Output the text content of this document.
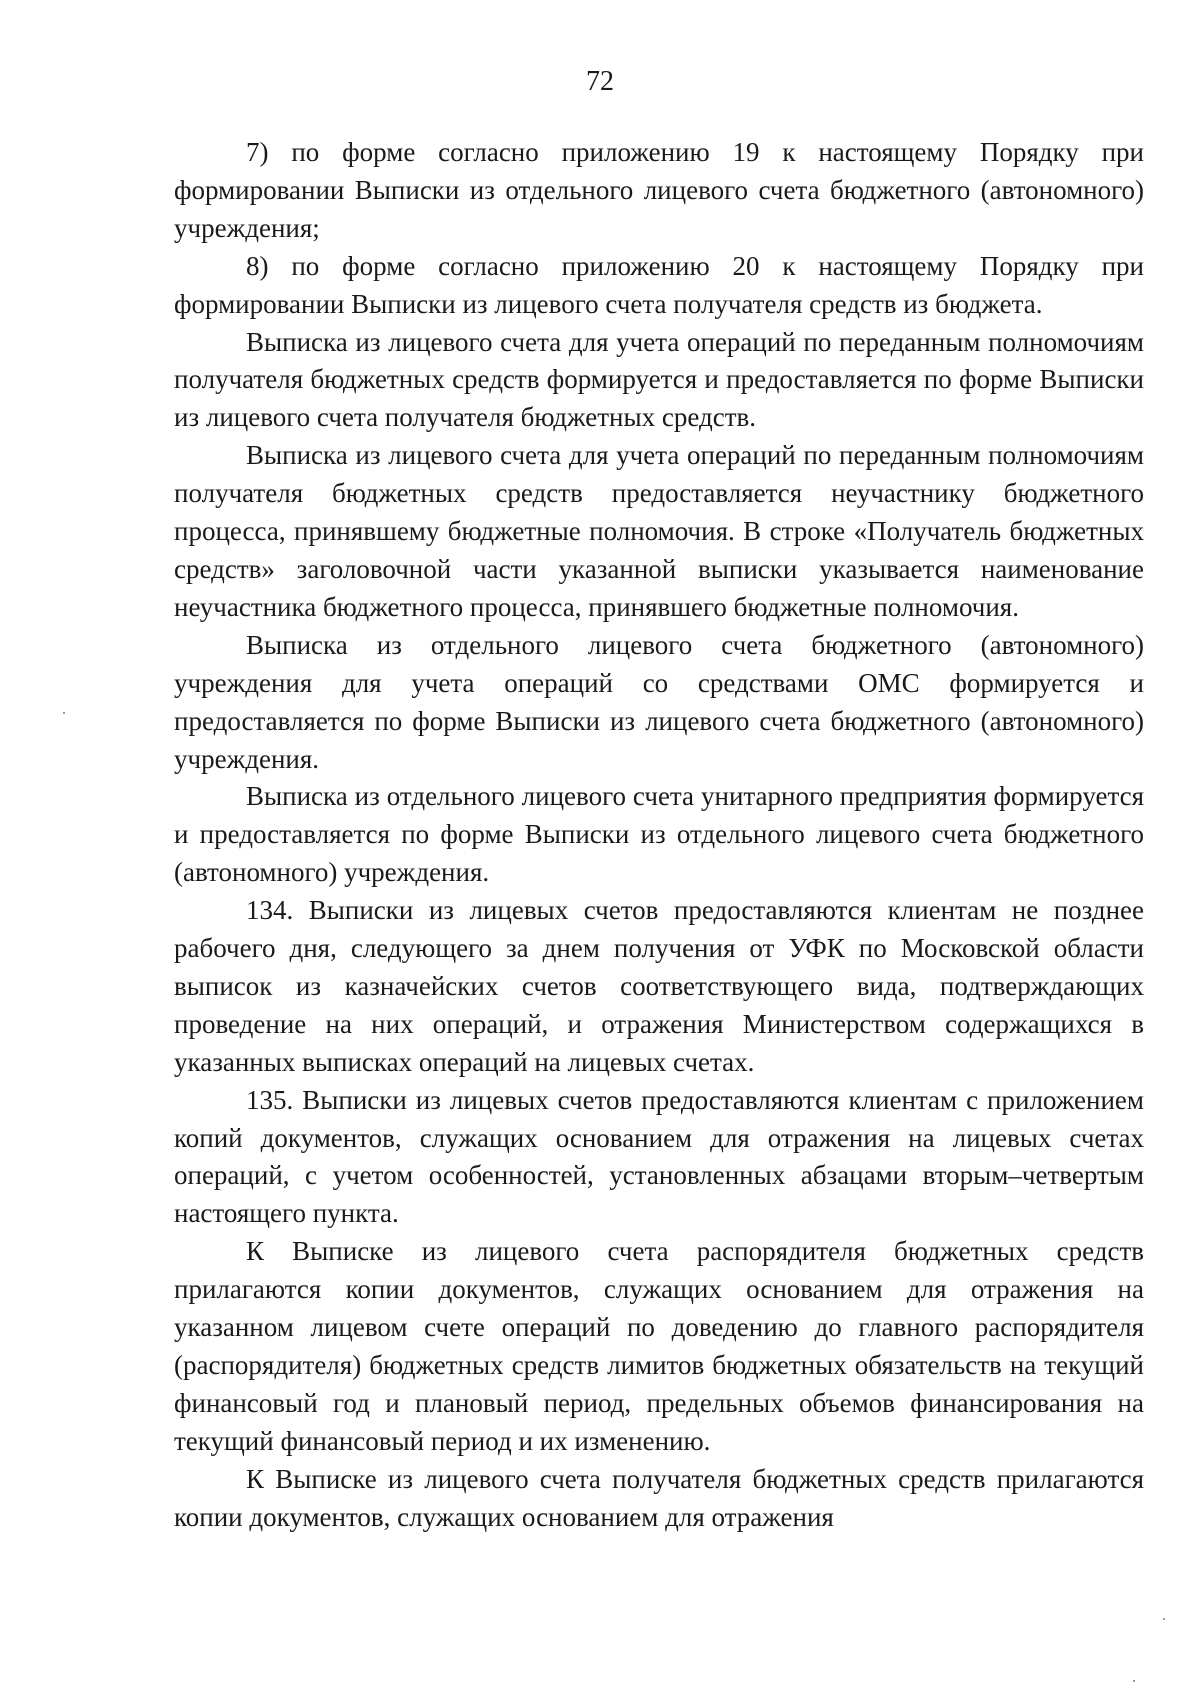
72

7) по форме согласно приложению 19 к настоящему Порядку при формировании Выписки из отдельного лицевого счета бюджетного (автономного) учреждения;

8) по форме согласно приложению 20 к настоящему Порядку при формировании Выписки из лицевого счета получателя средств из бюджета.

Выписка из лицевого счета для учета операций по переданным полномочиям получателя бюджетных средств формируется и предоставляется по форме Выписки из лицевого счета получателя бюджетных средств.

Выписка из лицевого счета для учета операций по переданным полномочиям получателя бюджетных средств предоставляется неучастнику бюджетного процесса, принявшему бюджетные полномочия. В строке «Получатель бюджетных средств» заголовочной части указанной выписки указывается наименование неучастника бюджетного процесса, принявшего бюджетные полномочия.

Выписка из отдельного лицевого счета бюджетного (автономного) учреждения для учета операций со средствами ОМС формируется и предоставляется по форме Выписки из лицевого счета бюджетного (автономного) учреждения.

Выписка из отдельного лицевого счета унитарного предприятия формируется и предоставляется по форме Выписки из отдельного лицевого счета бюджетного (автономного) учреждения.

134. Выписки из лицевых счетов предоставляются клиентам не позднее рабочего дня, следующего за днем получения от УФК по Московской области выписок из казначейских счетов соответствующего вида, подтверждающих проведение на них операций, и отражения Министерством содержащихся в указанных выписках операций на лицевых счетах.

135. Выписки из лицевых счетов предоставляются клиентам с приложением копий документов, служащих основанием для отражения на лицевых счетах операций, с учетом особенностей, установленных абзацами вторым–четвертым настоящего пункта.

К Выписке из лицевого счета распорядителя бюджетных средств прилагаются копии документов, служащих основанием для отражения на указанном лицевом счете операций по доведению до главного распорядителя (распорядителя) бюджетных средств лимитов бюджетных обязательств на текущий финансовый год и плановый период, предельных объемов финансирования на текущий финансовый период и их изменению.

К Выписке из лицевого счета получателя бюджетных средств прилагаются копии документов, служащих основанием для отражения
